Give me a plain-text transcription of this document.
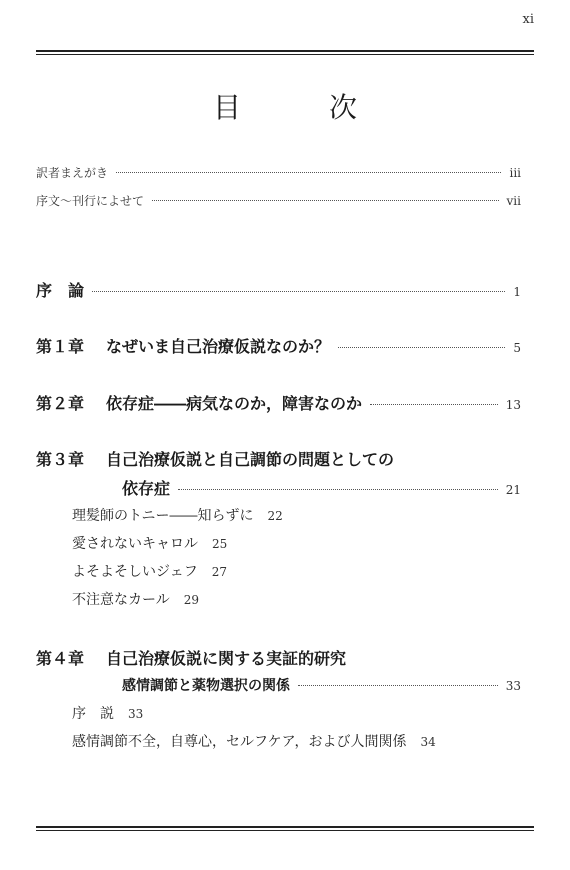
xi
目　次
訳者まえがき	iii
序文〜刊行によせて	vii
序　論	1
第１章	なぜいま自己治療仮説なのか？	5
第２章	依存症――病気なのか，障害なのか	13
第３章	自己治療仮説と自己調節の問題としての
依存症	21
理髪師のトニー――知らずに 22
愛されないキャロル 25
よそよそしいジェフ 27
不注意なカール 29
第４章	自己治療仮説に関する実証的研究
感情調節と薬物選択の関係	33
序　説 33
感情調節不全，自尊心，セルフケア，および人間関係 34
